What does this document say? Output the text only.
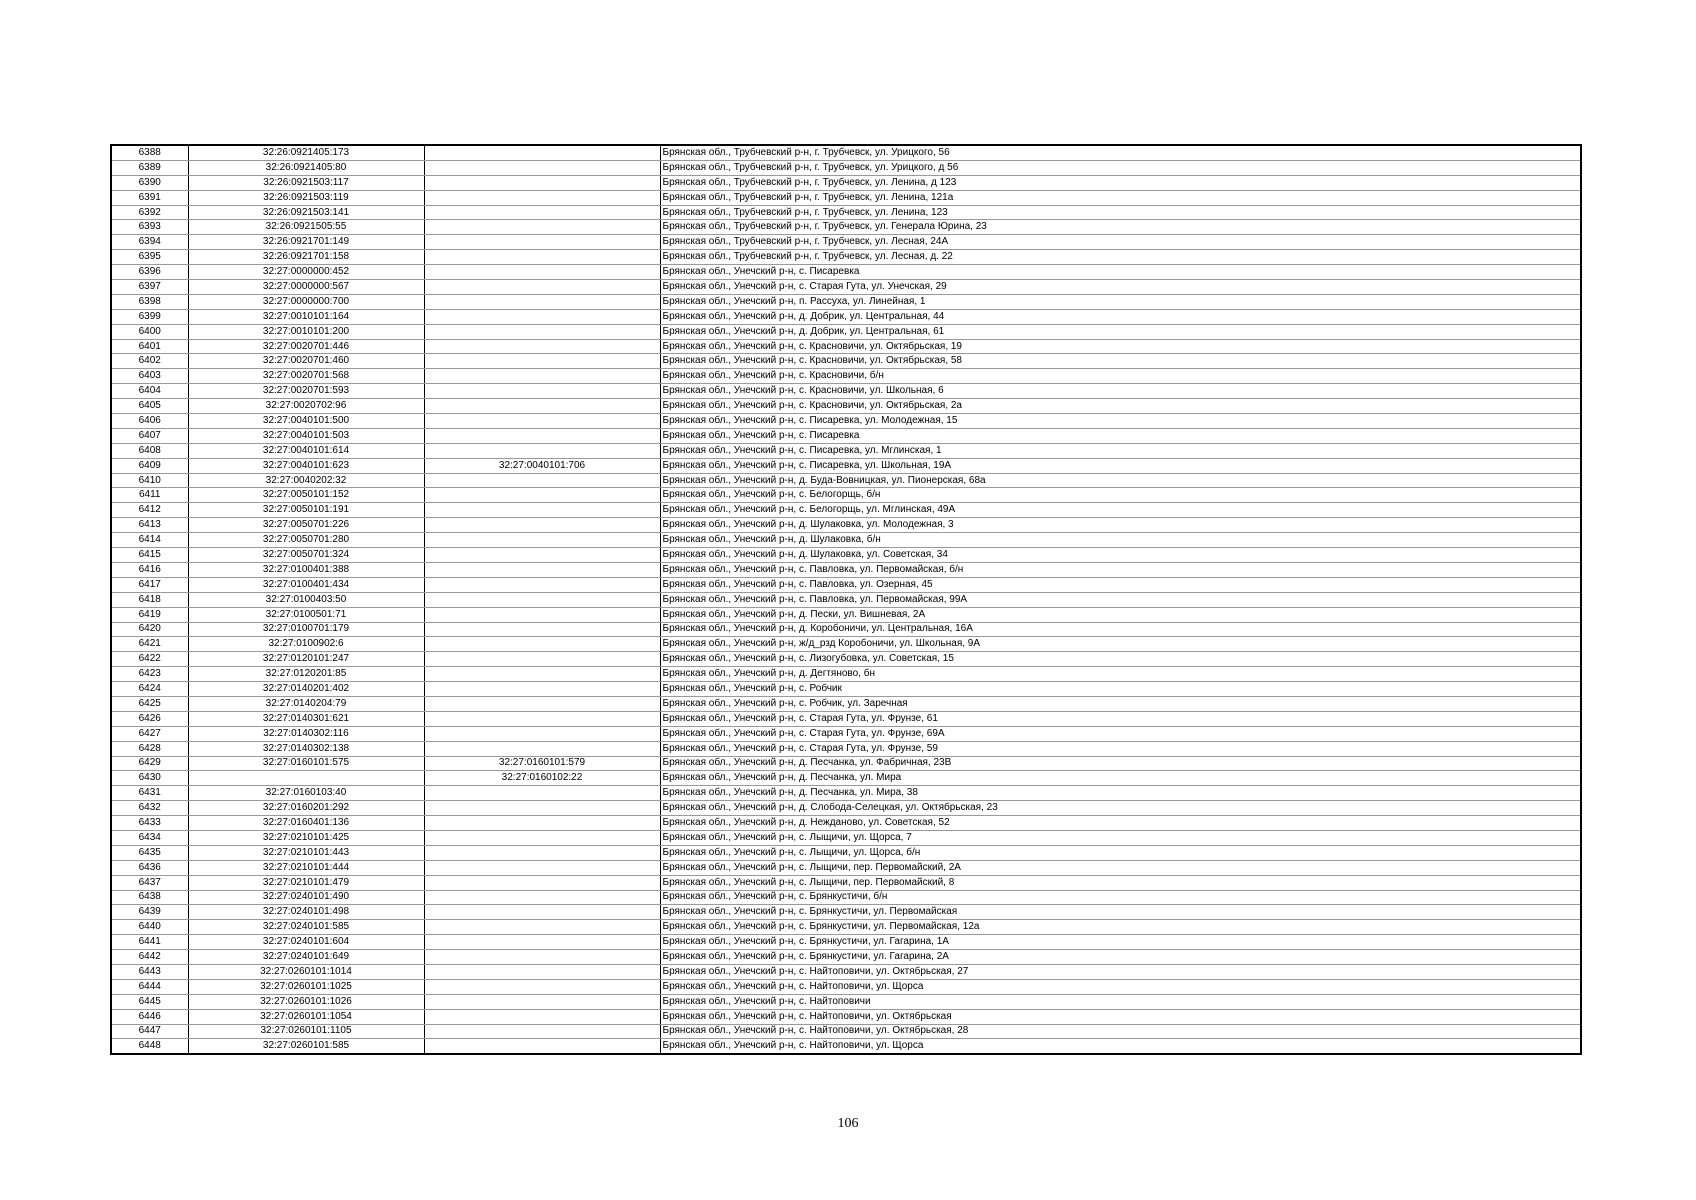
6388	32:26:0921405:173		Брянская обл., Трубчевский р-н, г. Трубчевск, ул. Урицкого, 56
6389	32:26:0921405:80		Брянская обл., Трубчевский р-н, г. Трубчевск, ул. Урицкого, д 56
6390	32:26:0921503:117		Брянская обл., Трубчевский р-н, г. Трубчевск, ул. Ленина, д 123
6391	32:26:0921503:119		Брянская обл., Трубчевский р-н, г. Трубчевск, ул. Ленина, 121а
6392	32:26:0921503:141		Брянская обл., Трубчевский р-н, г. Трубчевск, ул. Ленина, 123
6393	32:26:0921505:55		Брянская обл., Трубчевский р-н, г. Трубчевск, ул. Генерала Юрина, 23
6394	32:26:0921701:149		Брянская обл., Трубчевский р-н, г. Трубчевск, ул. Лесная, 24А
6395	32:26:0921701:158		Брянская обл., Трубчевский р-н, г. Трубчевск, ул. Лесная, д. 22
6396	32:27:0000000:452		Брянская обл., Унечский р-н, с. Писаревка
6397	32:27:0000000:567		Брянская обл., Унечский р-н, с. Старая Гута, ул. Унечская, 29
6398	32:27:0000000:700		Брянская обл., Унечский р-н, п. Рассуха, ул. Линейная, 1
6399	32:27:0010101:164		Брянская обл., Унечский р-н, д. Добрик, ул. Центральная, 44
6400	32:27:0010101:200		Брянская обл., Унечский р-н, д. Добрик, ул. Центральная, 61
6401	32:27:0020701:446		Брянская обл., Унечский р-н, с. Красновичи, ул. Октябрьская, 19
6402	32:27:0020701:460		Брянская обл., Унечский р-н, с. Красновичи, ул. Октябрьская, 58
6403	32:27:0020701:568		Брянская обл., Унечский р-н, с. Красновичи, б/н
6404	32:27:0020701:593		Брянская обл., Унечский р-н, с. Красновичи, ул. Школьная, 6
6405	32:27:0020702:96		Брянская обл., Унечский р-н, с. Красновичи, ул. Октябрьская, 2а
6406	32:27:0040101:500		Брянская обл., Унечский р-н, с. Писаревка, ул. Молодежная, 15
6407	32:27:0040101:503		Брянская обл., Унечский р-н, с. Писаревка
6408	32:27:0040101:614		Брянская обл., Унечский р-н, с. Писаревка, ул. Мглинская, 1
6409	32:27:0040101:623	32:27:0040101:706	Брянская обл., Унечский р-н, с. Писаревка, ул. Школьная, 19А
6410	32:27:0040202:32		Брянская обл., Унечский р-н, д. Буда-Вовницкая, ул. Пионерская, 68а
6411	32:27:0050101:152		Брянская обл., Унечский р-н, с. Белогорщь, б/н
6412	32:27:0050101:191		Брянская обл., Унечский р-н, с. Белогорщь, ул. Мглинская, 49А
6413	32:27:0050701:226		Брянская обл., Унечский р-н, д. Шулаковка, ул. Молодежная, 3
6414	32:27:0050701:280		Брянская обл., Унечский р-н, д. Шулаковка, б/н
6415	32:27:0050701:324		Брянская обл., Унечский р-н, д. Шулаковка, ул. Советская, 34
6416	32:27:0100401:388		Брянская обл., Унечский р-н, с. Павловка, ул. Первомайская, б/н
6417	32:27:0100401:434		Брянская обл., Унечский р-н, с. Павловка, ул. Озерная, 45
6418	32:27:0100403:50		Брянская обл., Унечский р-н, с. Павловка, ул. Первомайская, 99А
6419	32:27:0100501:71		Брянская обл., Унечский р-н, д. Пески, ул. Вишневая, 2А
6420	32:27:0100701:179		Брянская обл., Унечский р-н, д. Коробоничи, ул. Центральная, 16А
6421	32:27:0100902:6		Брянская обл., Унечский р-н, ж/д_рзд Коробоничи, ул. Школьная, 9А
6422	32:27:0120101:247		Брянская обл., Унечский р-н, с. Лизогубовка, ул. Советская, 15
6423	32:27:0120201:85		Брянская обл., Унечский р-н, д. Дегтяново, бн
6424	32:27:0140201:402		Брянская обл., Унечский р-н, с. Робчик
6425	32:27:0140204:79		Брянская обл., Унечский р-н, с. Робчик, ул. Заречная
6426	32:27:0140301:621		Брянская обл., Унечский р-н, с. Старая Гута, ул. Фрунзе, 61
6427	32:27:0140302:116		Брянская обл., Унечский р-н, с. Старая Гута, ул. Фрунзе, 69А
6428	32:27:0140302:138		Брянская обл., Унечский р-н, с. Старая Гута, ул. Фрунзе, 59
6429	32:27:0160101:575	32:27:0160101:579	Брянская обл., Унечский р-н, д. Песчанка, ул. Фабричная, 23В
6430		32:27:0160102:22	Брянская обл., Унечский р-н, д. Песчанка, ул. Мира
6431	32:27:0160103:40		Брянская обл., Унечский р-н, д. Песчанка, ул. Мира, 38
6432	32:27:0160201:292		Брянская обл., Унечский р-н, д. Слобода-Селецкая, ул. Октябрьская, 23
6433	32:27:0160401:136		Брянская обл., Унечский р-н, д. Нежданово, ул. Советская, 52
6434	32:27:0210101:425		Брянская обл., Унечский р-н, с. Лыщичи, ул. Щорса, 7
6435	32:27:0210101:443		Брянская обл., Унечский р-н, с. Лыщичи, ул. Щорса, б/н
6436	32:27:0210101:444		Брянская обл., Унечский р-н, с. Лыщичи, пер. Первомайский, 2А
6437	32:27:0210101:479		Брянская обл., Унечский р-н, с. Лыщичи, пер. Первомайский, 8
6438	32:27:0240101:490		Брянская обл., Унечский р-н, с. Брянкустичи, б/н
6439	32:27:0240101:498		Брянская обл., Унечский р-н, с. Брянкустичи, ул. Первомайская
6440	32:27:0240101:585		Брянская обл., Унечский р-н, с. Брянкустичи, ул. Первомайская, 12а
6441	32:27:0240101:604		Брянская обл., Унечский р-н, с. Брянкустичи, ул. Гагарина, 1А
6442	32:27:0240101:649		Брянская обл., Унечский р-н, с. Брянкустичи, ул. Гагарина, 2А
6443	32:27:0260101:1014		Брянская обл., Унечский р-н, с. Найтоповичи, ул. Октябрьская, 27
6444	32:27:0260101:1025		Брянская обл., Унечский р-н, с. Найтоповичи, ул. Щорса
6445	32:27:0260101:1026		Брянская обл., Унечский р-н, с. Найтоповичи
6446	32:27:0260101:1054		Брянская обл., Унечский р-н, с. Найтоповичи, ул. Октябрьская
6447	32:27:0260101:1105		Брянская обл., Унечский р-н, с. Найтоповичи, ул. Октябрьская, 28
6448	32:27:0260101:585		Брянская обл., Унечский р-н, с. Найтоповичи, ул. Щорса
106
